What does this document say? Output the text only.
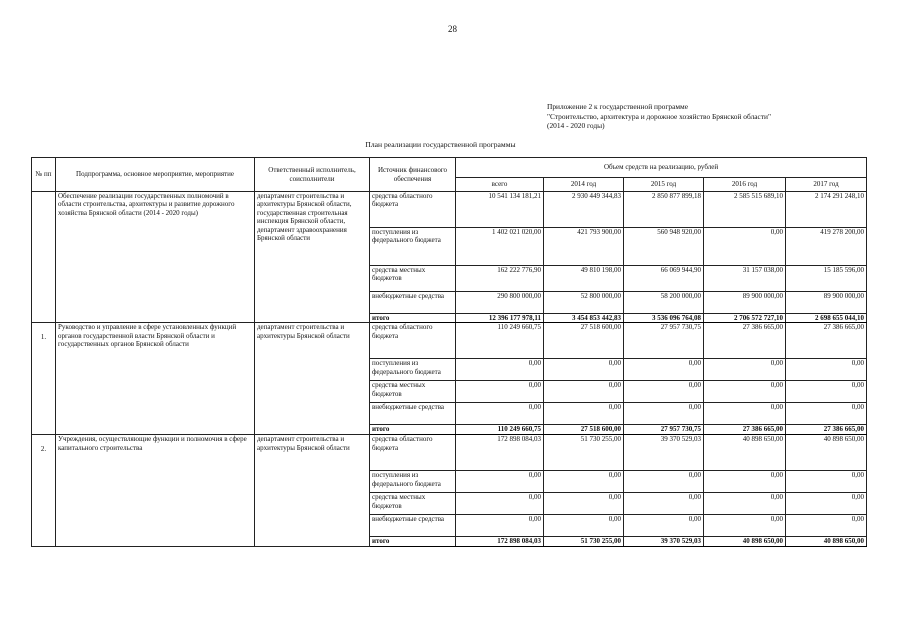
28
Приложение 2 к государственной программе
"Строительство, архитектура и дорожное хозяйство Брянской области"
(2014 - 2020 годы)
План реализации государственной программы
№ пп	Подпрограмма, основное мероприятие, мероприятие	Ответственный исполнитель, соисполнители	Источник финансового обеспечения	Объем средств на реализацию, рублей				
				всего	2014 год	2015 год	2016 год	2017 год
	Обеспечение реализации государственных полномочий в области строительства, архитектуры и развитие дорожного хозяйства Брянской области (2014 - 2020 годы)	департамент строительства и архитектуры Брянской области, государственная строительная инспекция Брянской области, департамент здравоохранения Брянской области	средства областного бюджета	10 541 134 181,21	2 930 449 344,83	2 850 877 899,18	2 585 515 689,10	2 174 291 248,10
			поступления из федерального бюджета	1 402 021 020,00	421 793 900,00	560 948 920,00	0,00	419 278 200,00
			средства местных бюджетов	162 222 776,90	49 810 198,00	66 069 944,90	31 157 038,00	15 185 596,00
			внебюджетные средства	290 800 000,00	52 800 000,00	58 200 000,00	89 900 000,00	89 900 000,00
			итого	12 396 177 978,11	3 454 853 442,83	3 536 096 764,08	2 706 572 727,10	2 698 655 044,10
1.	Руководство и управление в сфере установленных функций органов государственной власти Брянской области и государственных органов Брянской области	департамент строительства и архитектуры Брянской области	средства областного бюджета	110 249 660,75	27 518 600,00	27 957 730,75	27 386 665,00	27 386 665,00
			поступления из федерального бюджета	0,00	0,00	0,00	0,00	0,00
			средства местных бюджетов	0,00	0,00	0,00	0,00	0,00
			внебюджетные средства	0,00	0,00	0,00	0,00	0,00
			итого	110 249 660,75	27 518 600,00	27 957 730,75	27 386 665,00	27 386 665,00
2.	Учреждения, осуществляющие функции и полномочия в сфере капитального строительства	департамент строительства и архитектуры Брянской области	средства областного бюджета	172 898 084,03	51 730 255,00	39 370 529,03	40 898 650,00	40 898 650,00
			поступления из федерального бюджета	0,00	0,00	0,00	0,00	0,00
			средства местных бюджетов	0,00	0,00	0,00	0,00	0,00
			внебюджетные средства	0,00	0,00	0,00	0,00	0,00
			итого	172 898 084,03	51 730 255,00	39 370 529,03	40 898 650,00	40 898 650,00
